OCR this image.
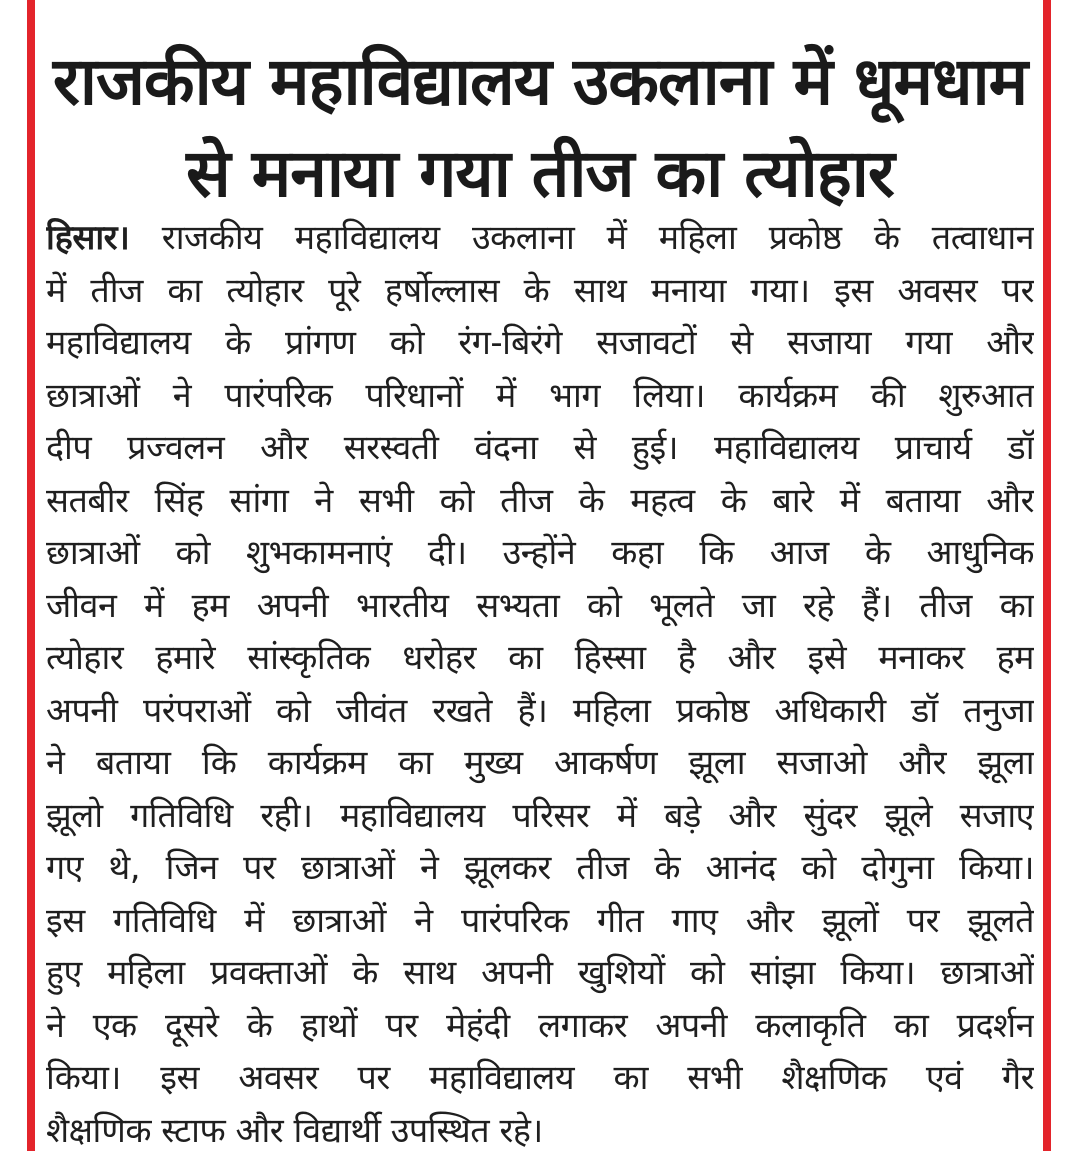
राजकीय महाविद्यालय उकलाना में धूमधाम
से मनाया गया तीज का त्योहार
हिसार। राजकीय महाविद्यालय उकलाना में महिला प्रकोष्ठ के तत्वाधान
में तीज का त्योहार पूरे हर्षोल्लास के साथ मनाया गया। इस अवसर पर
महाविद्यालय के प्रांगण को रंग-बिरंगे सजावटों से सजाया गया और
छात्राओं ने पारंपरिक परिधानों में भाग लिया। कार्यक्रम की शुरुआत
दीप प्रज्वलन और सरस्वती वंदना से हुई। महाविद्यालय प्राचार्य डॉ
सतबीर सिंह सांगा ने सभी को तीज के महत्व के बारे में बताया और
छात्राओं को शुभकामनाएं दी। उन्होंने कहा कि आज के आधुनिक
जीवन में हम अपनी भारतीय सभ्यता को भूलते जा रहे हैं। तीज का
त्योहार हमारे सांस्कृतिक धरोहर का हिस्सा है और इसे मनाकर हम
अपनी परंपराओं को जीवंत रखते हैं। महिला प्रकोष्ठ अधिकारी डॉ तनुजा
ने बताया कि कार्यक्रम का मुख्य आकर्षण झूला सजाओ और झूला
झूलो गतिविधि रही। महाविद्यालय परिसर में बड़े और सुंदर झूले सजाए
गए थे, जिन पर छात्राओं ने झूलकर तीज के आनंद को दोगुना किया।
इस गतिविधि में छात्राओं ने पारंपरिक गीत गाए और झूलों पर झूलते
हुए महिला प्रवक्ताओं के साथ अपनी खुशियों को सांझा किया। छात्राओं
ने एक दूसरे के हाथों पर मेहंदी लगाकर अपनी कलाकृति का प्रदर्शन
किया। इस अवसर पर महाविद्यालय का सभी शैक्षणिक एवं गैर
शैक्षणिक स्टाफ और विद्यार्थी उपस्थित रहे।
